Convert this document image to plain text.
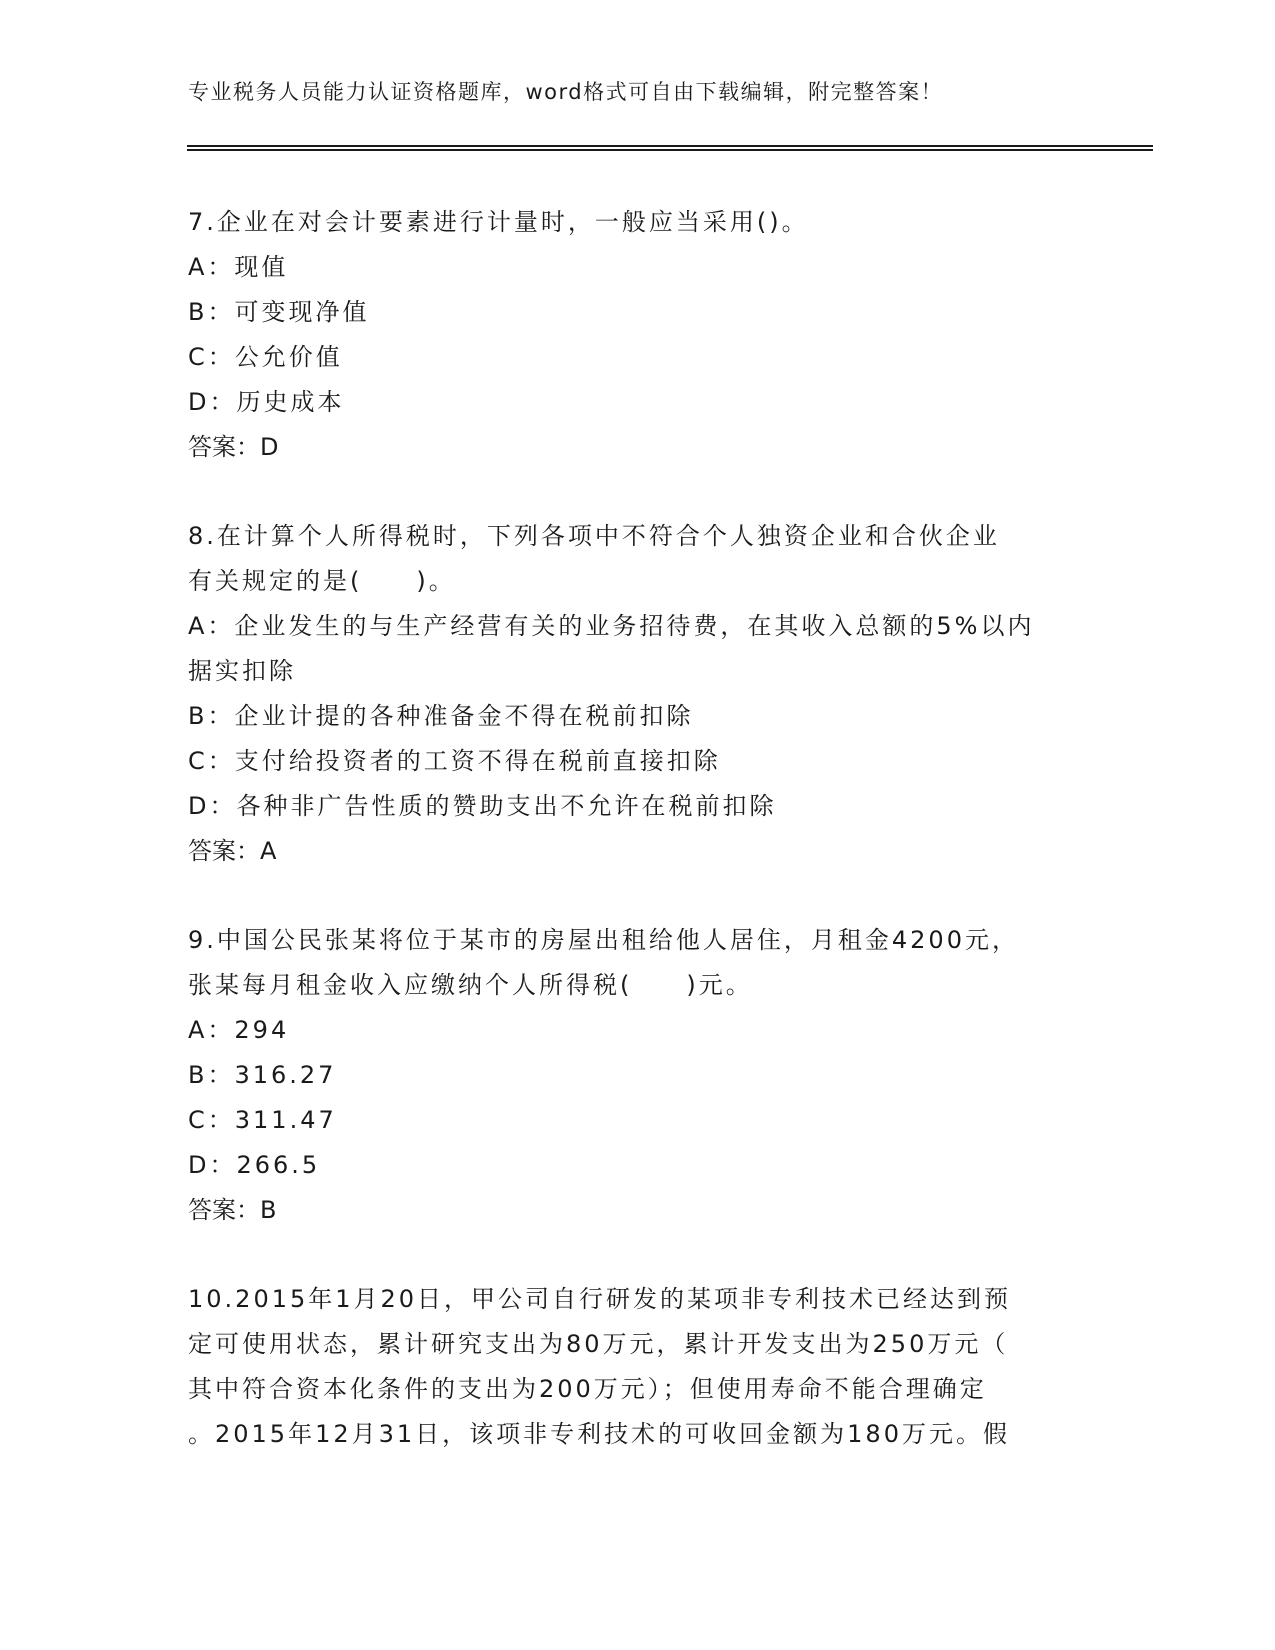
专业税务人员能力认证资格题库，word格式可自由下载编辑，附完整答案！
7.企业在对会计要素进行计量时，一般应当采用()。
A：现值
B：可变现净值
C：公允价值
D：历史成本
答案：D
8.在计算个人所得税时，下列各项中不符合个人独资企业和合伙企业
有关规定的是(　　)。
A：企业发生的与生产经营有关的业务招待费，在其收入总额的5%以内
据实扣除
B：企业计提的各种准备金不得在税前扣除
C：支付给投资者的工资不得在税前直接扣除
D：各种非广告性质的赞助支出不允许在税前扣除
答案：A
9.中国公民张某将位于某市的房屋出租给他人居住，月租金4200元，
张某每月租金收入应缴纳个人所得税(　　)元。
A：294
B：316.27
C：311.47
D：266.5
答案：B
10.2015年1月20日，甲公司自行研发的某项非专利技术已经达到预
定可使用状态，累计研究支出为80万元，累计开发支出为250万元（
其中符合资本化条件的支出为200万元）；但使用寿命不能合理确定
。2015年12月31日，该项非专利技术的可收回金额为180万元。假
